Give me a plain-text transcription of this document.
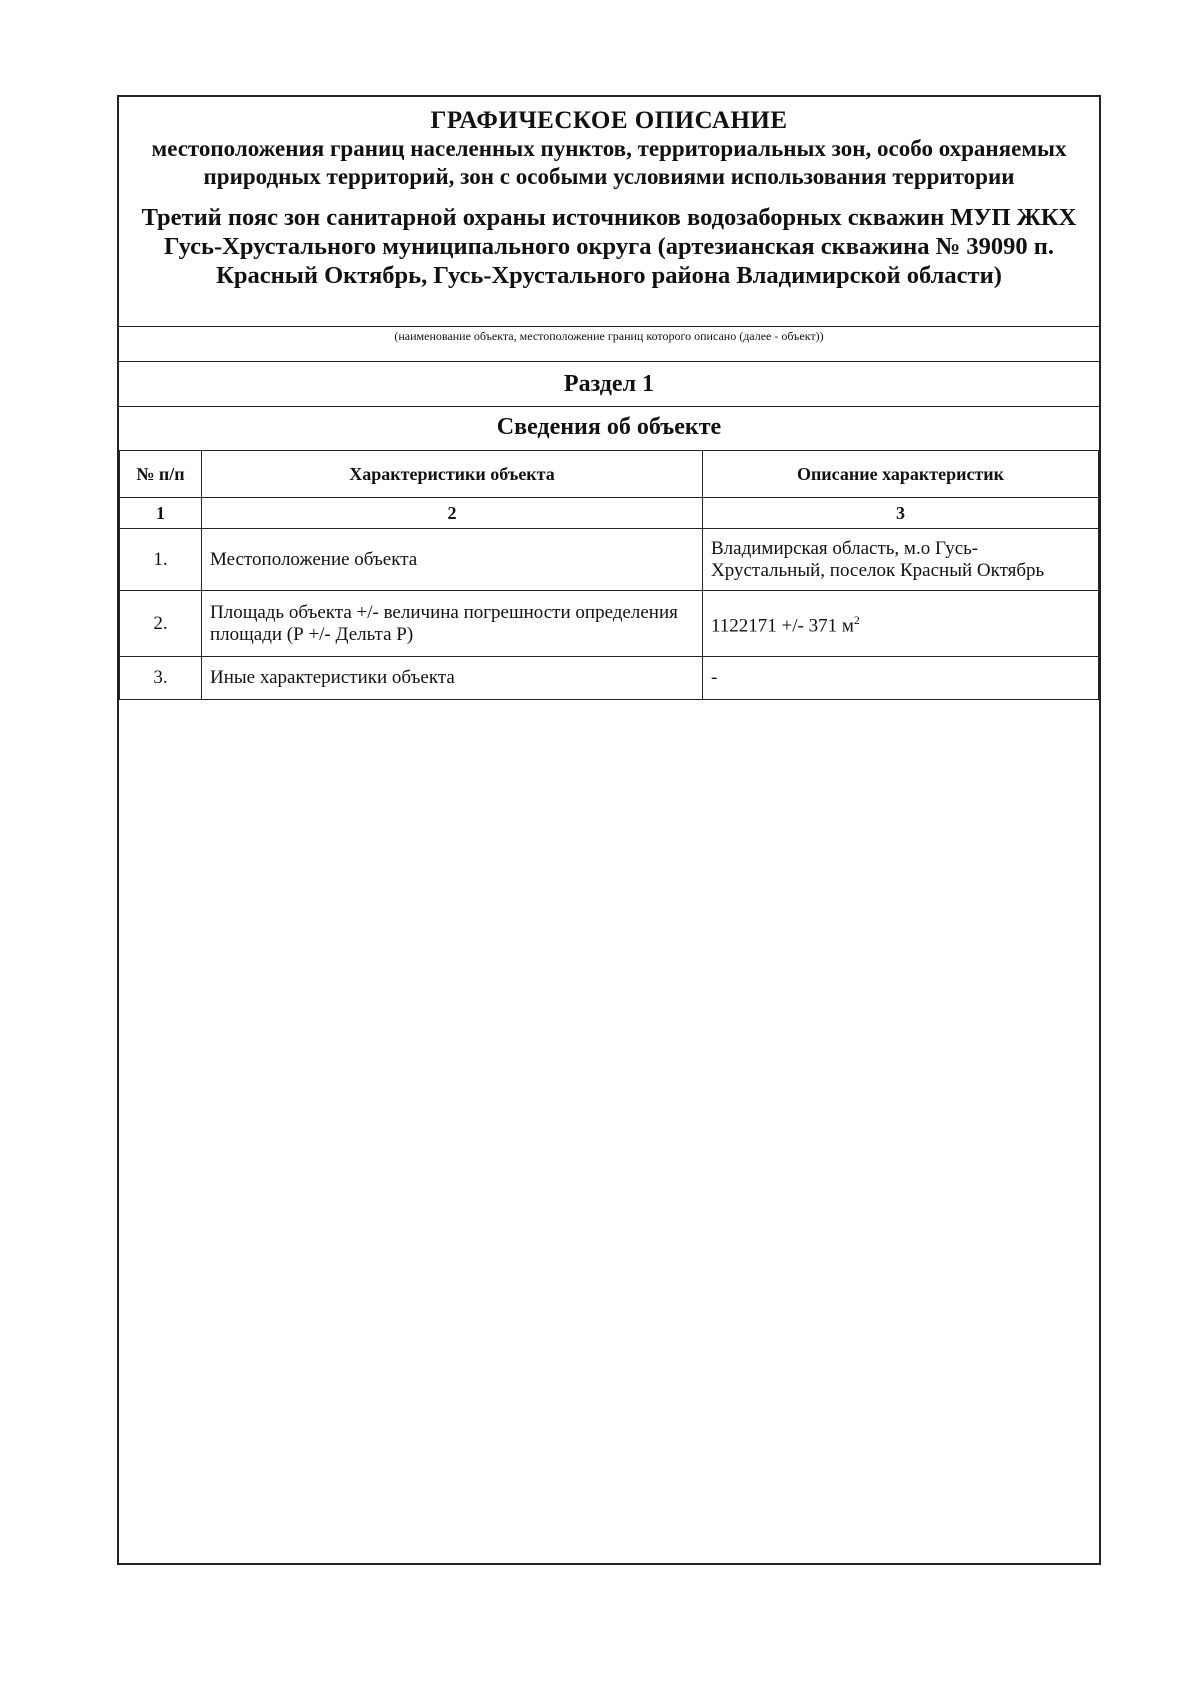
ГРАФИЧЕСКОЕ ОПИСАНИЕ
местоположения границ населенных пунктов, территориальных зон, особо охраняемых природных территорий, зон с особыми условиями использования территории
Третий пояс зон санитарной охраны источников водозаборных скважин МУП ЖКХ Гусь-Хрустального муниципального округа (артезианская скважина № 39090 п. Красный Октябрь, Гусь-Хрустального района Владимирской области)
(наименование объекта, местоположение границ которого описано (далее - объект))
Раздел 1
Сведения об объекте
№ п/п	Характеристики объекта	Описание характеристик
1	2	3
1.	Местоположение объекта	Владимирская область, м.о Гусь-Хрустальный, поселок Красный Октябрь
2.	Площадь объекта +/- величина погрешности определения площади (Р +/- Дельта Р)	1122171 +/- 371 $м^2$
3.	Иные характеристики объекта	-
